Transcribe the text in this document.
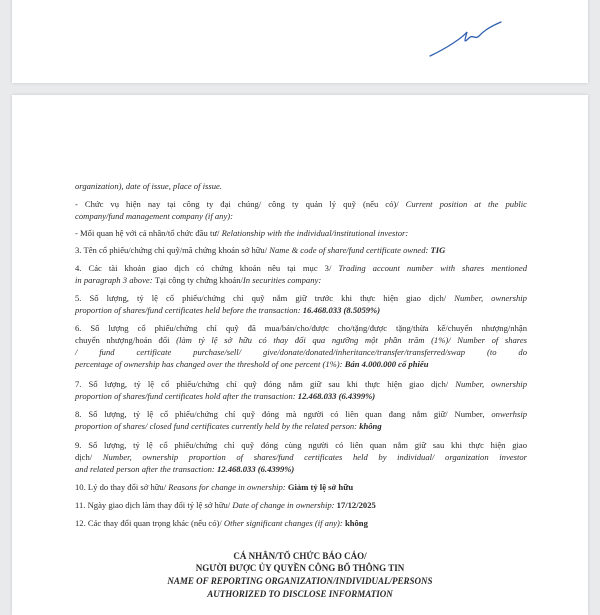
organization), date of issue, place of issue.
- Chức vụ hiện nay tại công ty đại chúng/ công ty quản lý quỹ (nếu có)/ Current position at the public
company/fund management company (if any):
- Mối quan hệ với cá nhân/tổ chức đầu tư/ Relationship with the individual/institutional investor:
3. Tên cổ phiếu/chứng chỉ quỹ/mã chứng khoán sở hữu/ Name & code of share/fund certificate owned: TIG
4. Các tài khoản giao dịch có chứng khoán nêu tại mục 3/ Trading account number with shares mentioned
in paragraph 3 above: Tại công ty chứng khoán/In securities company:
5. Số lượng, tỷ lệ cổ phiếu/chứng chỉ quỹ nắm giữ trước khi thực hiện giao dịch/ Number, ownership
proportion of shares/fund certificates held before the transaction: 16.468.033 (8.5059%)
6. Số lượng cổ phiếu/chứng chỉ quỹ đã mua/bán/cho/được cho/tặng/được tặng/thừa kế/chuyển nhượng/nhận
chuyển nhượng/hoán đổi (làm tỷ lệ sở hữu có thay đổi qua ngưỡng một phần trăm (1%)/ Number of shares
/ fund certificate purchase/sell/ give/donate/donated/inheritance/transfer/transferred/swap (to do
percentage of ownership has changed over the threshold of one percent (1%): Bán 4.000.000 cổ phiếu
7. Số lượng, tỷ lệ cổ phiếu/chứng chỉ quỹ đóng nắm giữ sau khi thực hiện giao dịch/ Number, ownership
proportion of shares/fund certificates hold after the transaction: 12.468.033 (6.4399%)
8. Số lượng, tỷ lệ cổ phiếu/chứng chỉ quỹ đóng mà người có liên quan đang nắm giữ/ Number, onwerhsip
proportion of shares/ closed fund certificates currently held by the related person: không
9. Số lượng, tỷ lệ cổ phiếu/chứng chỉ quỹ đóng cùng người có liên quan nắm giữ sau khi thực hiện giao
dịch/ Number, ownership proportion of shares/fund certificates held by individual/ organization investor
and related person after the transaction: 12.468.033 (6.4399%)
10. Lý do thay đổi sở hữu/ Reasons for change in ownership: Giảm tỷ lệ sở hữu
11. Ngày giao dịch làm thay đổi tỷ lệ sở hữu/ Date of change in ownership: 17/12/2025
12. Các thay đổi quan trọng khác (nếu có)/ Other significant changes (if any): không
CÁ NHÂN/TỔ CHỨC BÁO CÁO/
NGƯỜI ĐƯỢC ỦY QUYỀN CÔNG BỐ THÔNG TIN
NAME OF REPORTING ORGANIZATION/INDIVIDUAL/PERSONS
AUTHORIZED TO DISCLOSE INFORMATION
